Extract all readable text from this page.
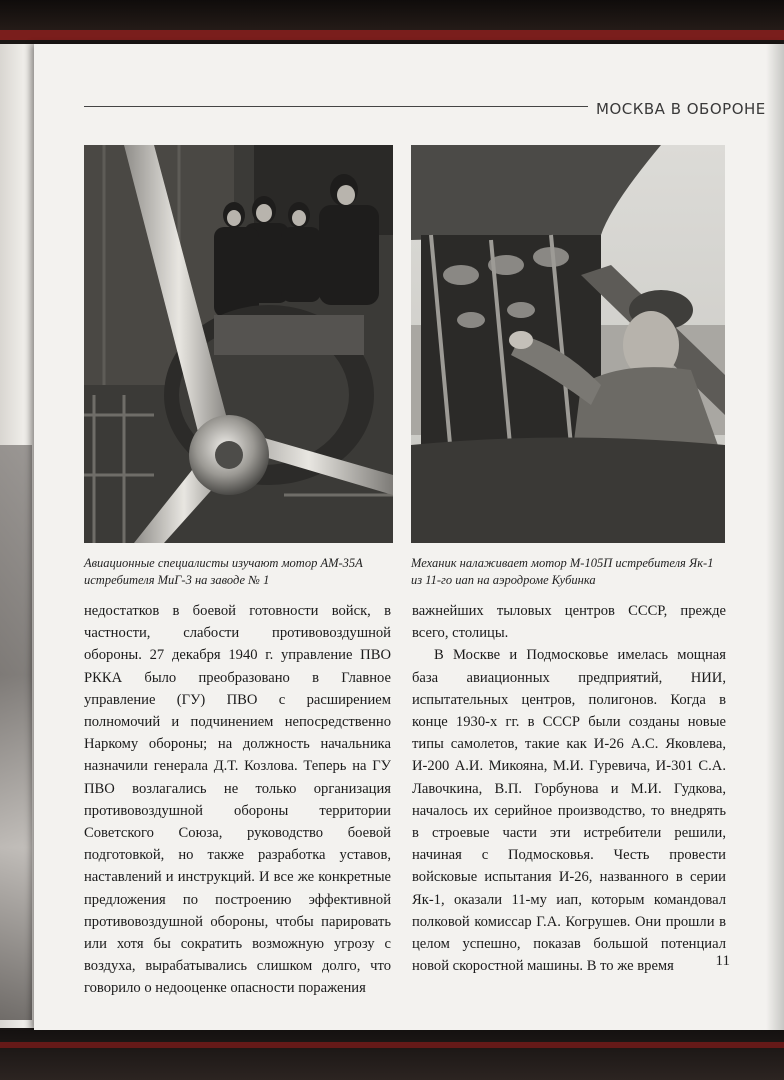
МОСКВА В ОБОРОНЕ
Авиационные специалисты изучают мотор АМ-35А истребителя МиГ-3 на заводе № 1
Механик налаживает мотор М-105П истребителя Як-1 из 11-го иап на аэродроме Кубинка

недостатков в боевой готовности войск, в частности, слабости противовоздушной обороны. 27 декабря 1940 г. управление ПВО РККА было преобразовано в Главное управление (ГУ) ПВО с расширением полномочий и подчинением непосредственно Наркому обороны; на должность начальника назначили генерала Д.Т. Козлова. Теперь на ГУ ПВО возлагались не только организация противовоздушной обороны территории Советского Союза, руководство боевой подготовкой, но также разработка уставов, наставлений и инструкций. И все же конкретные предложения по построению эффективной противовоздушной обороны, чтобы парировать или хотя бы сократить возможную угрозу с воздуха, вырабатывались слишком долго, что говорило о недооценке опасности поражения

важнейших тыловых центров СССР, прежде всего, столицы.

В Москве и Подмосковье имелась мощная база авиационных предприятий, НИИ, испытательных центров, полигонов. Когда в конце 1930-х гг. в СССР были созданы новые типы самолетов, такие как И-26 А.С. Яковлева, И-200 А.И. Микояна, М.И. Гуревича, И-301 С.А. Лавочкина, В.П. Горбунова и М.И. Гудкова, началось их серийное производство, то внедрять в строевые части эти истребители решили, начиная с Подмосковья. Честь провести войсковые испытания И-26, названного в серии Як-1, оказали 11-му иап, которым командовал полковой комиссар Г.А. Когрушев. Они прошли в целом успешно, показав большой потенциал новой скоростной машины. В то же время	11
